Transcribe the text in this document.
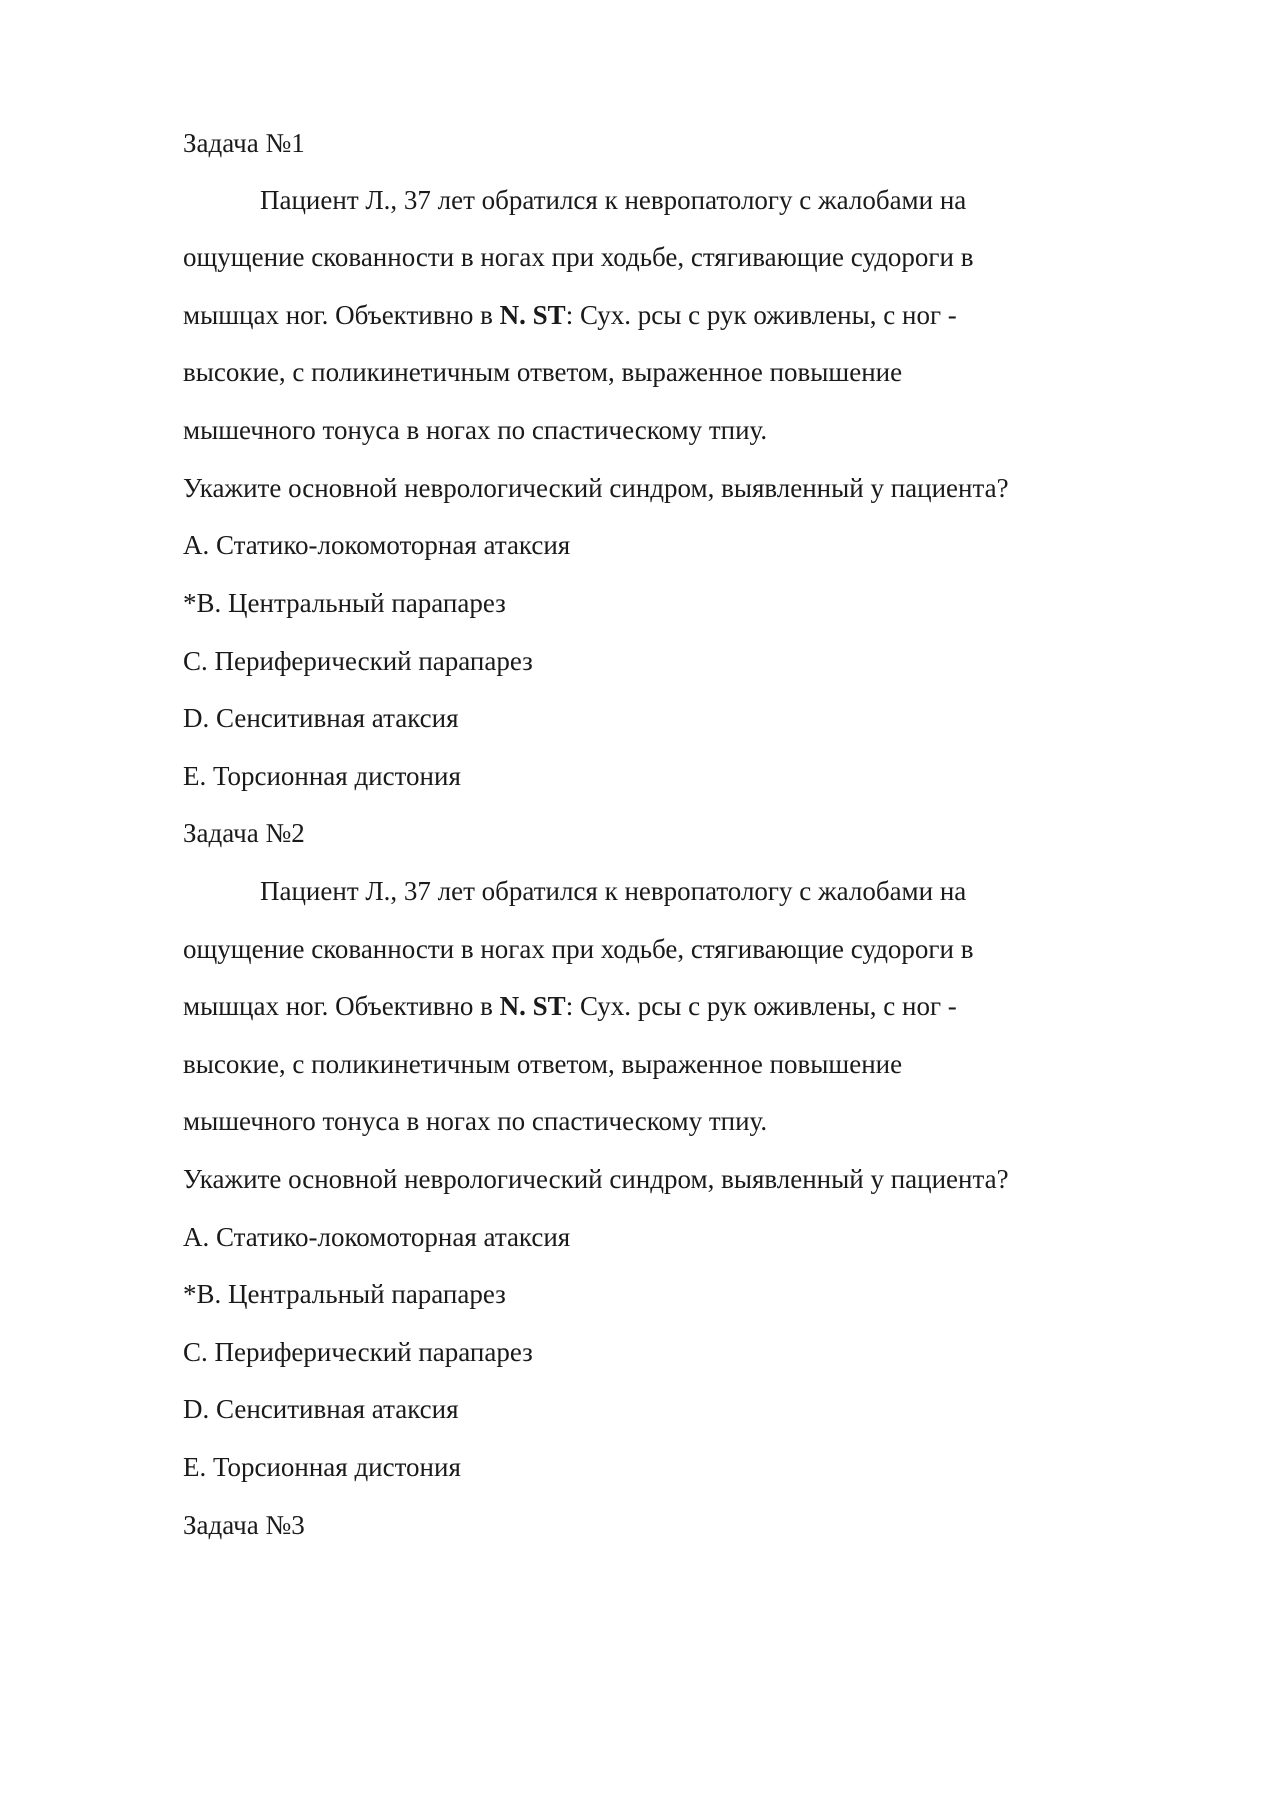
Задача №1
Пациент Л., 37 лет обратился к невропатологу с жалобами на
ощущение скованности в ногах при ходьбе, стягивающие судороги в
мышцах ног. Объективно в N. ST: Сух. рсы с рук оживлены, с ног -
высокие, с поликинетичным ответом, выраженное повышение
мышечного тонуса в ногах по спастическому тпиу.
Укажите основной неврологический синдром, выявленный у пациента?
А. Статико-локомоторная атаксия
*В. Центральный парапарез
С. Периферический парапарез
D. Сенситивная атаксия
Е. Торсионная дистония
Задача №2
Пациент Л., 37 лет обратился к невропатологу с жалобами на
ощущение скованности в ногах при ходьбе, стягивающие судороги в
мышцах ног. Объективно в N. ST: Сух. рсы с рук оживлены, с ног -
высокие, с поликинетичным ответом, выраженное повышение
мышечного тонуса в ногах по спастическому тпиу.
Укажите основной неврологический синдром, выявленный у пациента?
А. Статико-локомоторная атаксия
*В. Центральный парапарез
С. Периферический парапарез
D. Сенситивная атаксия
Е. Торсионная дистония
Задача №3
